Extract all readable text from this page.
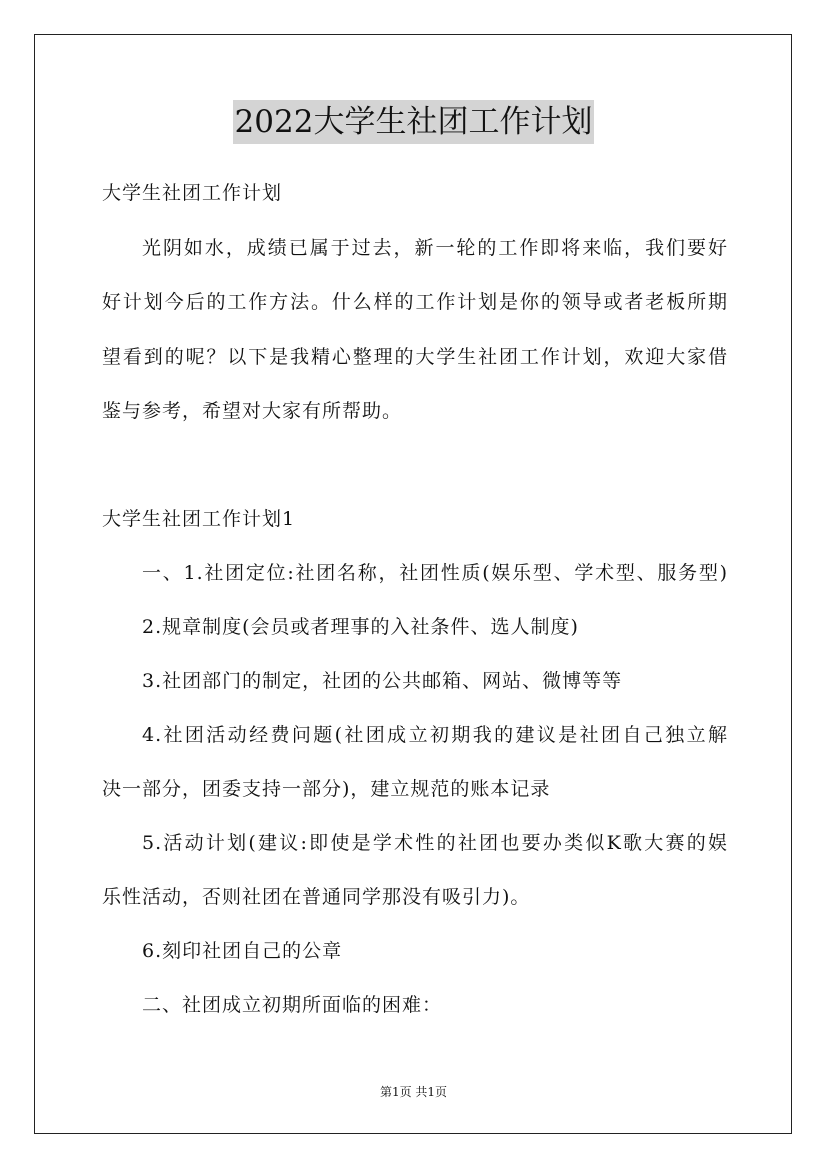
2022大学生社团工作计划

大学生社团工作计划

光阴如水，成绩已属于过去，新一轮的工作即将来临，我们要好

好计划今后的工作方法。什么样的工作计划是你的领导或者老板所期

望看到的呢？以下是我精心整理的大学生社团工作计划，欢迎大家借

鉴与参考，希望对大家有所帮助。

大学生社团工作计划1

一、1.社团定位:社团名称，社团性质(娱乐型、学术型、服务型)

2.规章制度(会员或者理事的入社条件、选人制度)

3.社团部门的制定，社团的公共邮箱、网站、微博等等

4.社团活动经费问题(社团成立初期我的建议是社团自己独立解

决一部分，团委支持一部分)，建立规范的账本记录

5.活动计划(建议:即使是学术性的社团也要办类似K歌大赛的娱

乐性活动，否则社团在普通同学那没有吸引力)。

6.刻印社团自己的公章

二、社团成立初期所面临的困难：

第1页 共1页
